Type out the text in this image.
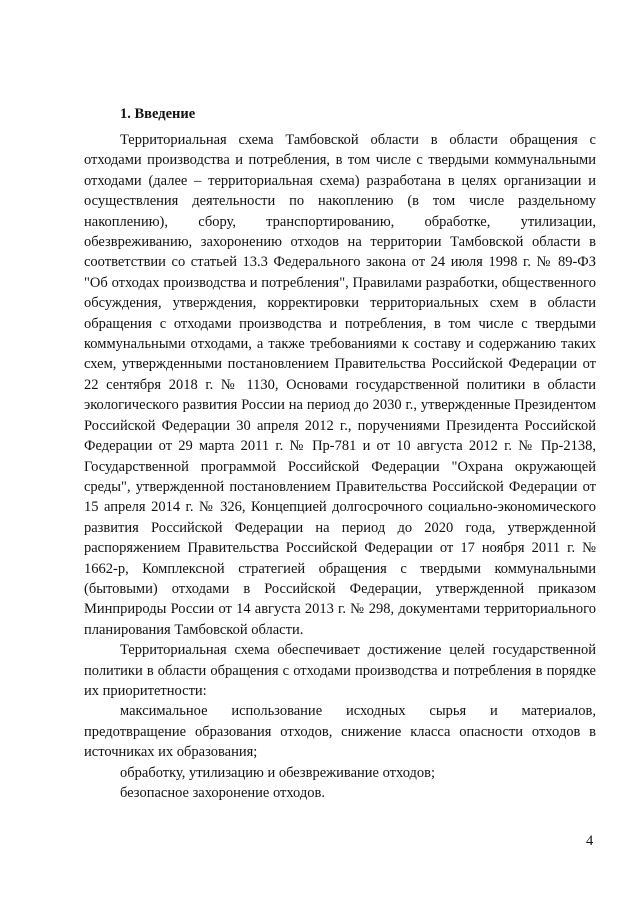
1. Введение

Территориальная схема Тамбовской области в области обращения с отходами производства и потребления, в том числе с твердыми коммунальными отходами (далее – территориальная схема) разработана в целях организации и осуществления деятельности по накоплению (в том числе раздельному накоплению), сбору, транспортированию, обработке, утилизации, обезвреживанию, захоронению отходов на территории Тамбовской области в соответствии со статьей 13.3 Федерального закона от 24 июля 1998 г. № 89-ФЗ "Об отходах производства и потребления", Правилами разработки, общественного обсуждения, утверждения, корректировки территориальных схем в области обращения с отходами производства и потребления, в том числе с твердыми коммунальными отходами, а также требованиями к составу и содержанию таких схем, утвержденными постановлением Правительства Российской Федерации от 22 сентября 2018 г. № 1130, Основами государственной политики в области экологического развития России на период до 2030 г., утвержденные Президентом Российской Федерации 30 апреля 2012 г., поручениями Президента Российской Федерации от 29 марта 2011 г. № Пр-781 и от 10 августа 2012 г. № Пр-2138, Государственной программой Российской Федерации "Охрана окружающей среды", утвержденной постановлением Правительства Российской Федерации от 15 апреля 2014 г. № 326, Концепцией долгосрочного социально-экономического развития Российской Федерации на период до 2020 года, утвержденной распоряжением Правительства Российской Федерации от 17 ноября 2011 г. № 1662-р, Комплексной стратегией обращения с твердыми коммунальными (бытовыми) отходами в Российской Федерации, утвержденной приказом Минприроды России от 14 августа 2013 г. № 298, документами территориального планирования Тамбовской области.

Территориальная схема обеспечивает достижение целей государственной политики в области обращения с отходами производства и потребления в порядке их приоритетности:

максимальное использование исходных сырья и материалов, предотвращение образования отходов, снижение класса опасности отходов в источниках их образования;

обработку, утилизацию и обезвреживание отходов;

безопасное захоронение отходов.

4
